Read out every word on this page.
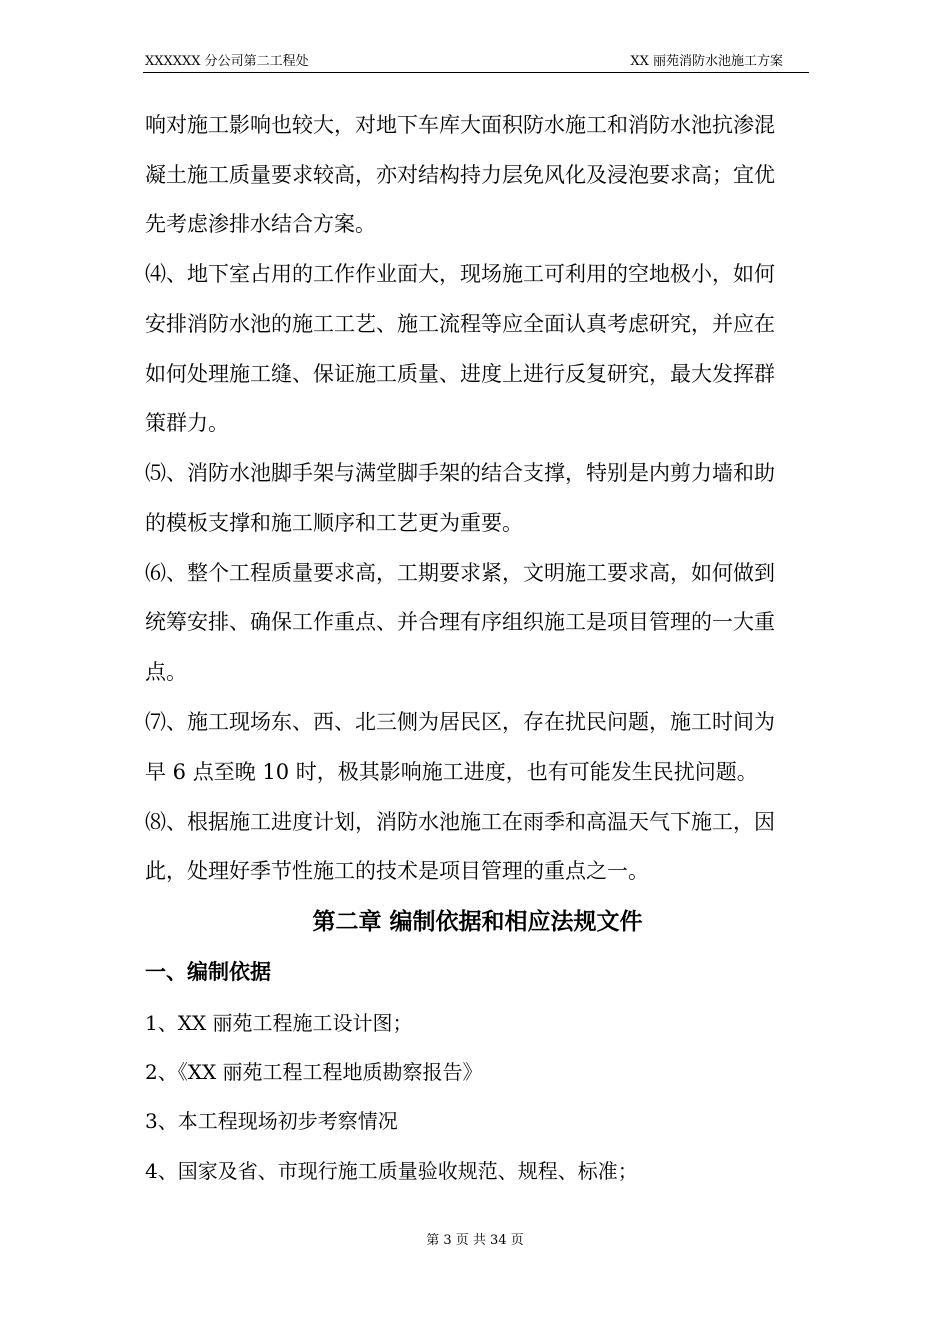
XXXXXX 分公司第二工程处	XX 丽苑消防水池施工方案
响对施工影响也较大，对地下车库大面积防水施工和消防水池抗渗混
凝土施工质量要求较高，亦对结构持力层免风化及浸泡要求高；宜优
先考虑渗排水结合方案。
⑷、地下室占用的工作作业面大，现场施工可利用的空地极小，如何
安排消防水池的施工工艺、施工流程等应全面认真考虑研究，并应在
如何处理施工缝、保证施工质量、进度上进行反复研究，最大发挥群
策群力。
⑸、消防水池脚手架与满堂脚手架的结合支撑，特别是内剪力墙和助
的模板支撑和施工顺序和工艺更为重要。
⑹、整个工程质量要求高，工期要求紧，文明施工要求高，如何做到
统筹安排、确保工作重点、并合理有序组织施工是项目管理的一大重
点。
⑺、施工现场东、西、北三侧为居民区，存在扰民问题，施工时间为
早 6 点至晚 10 时，极其影响施工进度，也有可能发生民扰问题。
⑻、根据施工进度计划，消防水池施工在雨季和高温天气下施工，因
此，处理好季节性施工的技术是项目管理的重点之一。
第二章 编制依据和相应法规文件
一、编制依据
1、XX 丽苑工程施工设计图；
2、《XX 丽苑工程工程地质勘察报告》
3、本工程现场初步考察情况
4、国家及省、市现行施工质量验收规范、规程、标准；
第 3 页 共 34 页
